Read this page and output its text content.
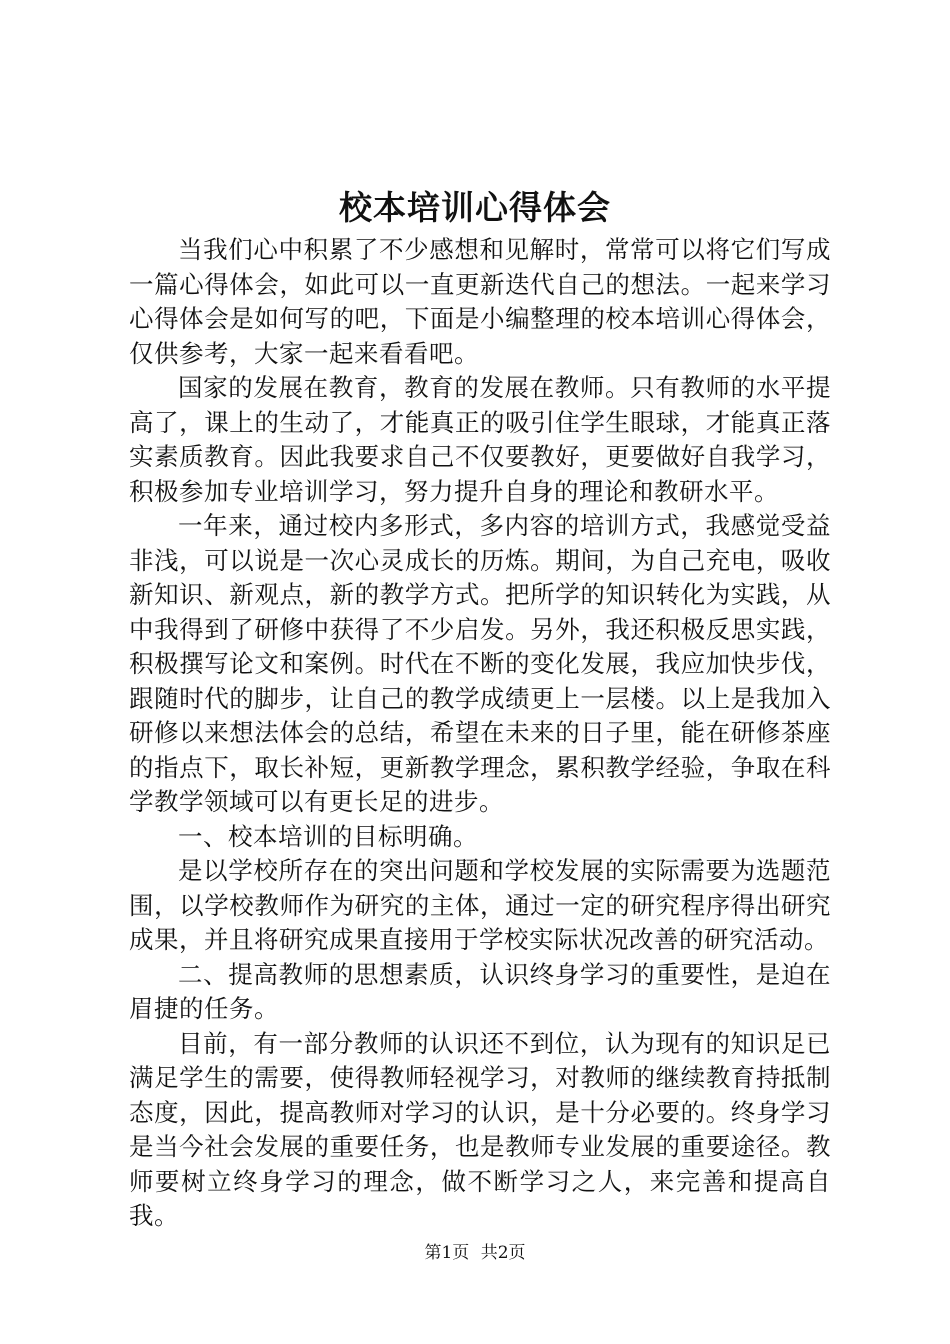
校本培训心得体会

当我们心中积累了不少感想和见解时，常常可以将它们写成一篇心得体会，如此可以一直更新迭代自己的想法。一起来学习心得体会是如何写的吧，下面是小编整理的校本培训心得体会，仅供参考，大家一起来看看吧。

国家的发展在教育，教育的发展在教师。只有教师的水平提高了，课上的生动了，才能真正的吸引住学生眼球，才能真正落实素质教育。因此我要求自己不仅要教好，更要做好自我学习，积极参加专业培训学习，努力提升自身的理论和教研水平。

一年来，通过校内多形式，多内容的培训方式，我感觉受益非浅，可以说是一次心灵成长的历炼。期间，为自己充电，吸收新知识、新观点，新的教学方式。把所学的知识转化为实践，从中我得到了研修中获得了不少启发。另外，我还积极反思实践，积极撰写论文和案例。时代在不断的变化发展，我应加快步伐，跟随时代的脚步，让自己的教学成绩更上一层楼。以上是我加入研修以来想法体会的总结，希望在未来的日子里，能在研修茶座的指点下，取长补短，更新教学理念，累积教学经验，争取在科学教学领域可以有更长足的进步。

一、校本培训的目标明确。

是以学校所存在的突出问题和学校发展的实际需要为选题范围，以学校教师作为研究的主体，通过一定的研究程序得出研究成果，并且将研究成果直接用于学校实际状况改善的研究活动。

二、提高教师的思想素质，认识终身学习的重要性，是迫在眉捷的任务。

目前，有一部分教师的认识还不到位，认为现有的知识足已满足学生的需要，使得教师轻视学习，对教师的继续教育持抵制态度，因此，提高教师对学习的认识，是十分必要的。终身学习是当今社会发展的重要任务，也是教师专业发展的重要途径。教师要树立终身学习的理念，做不断学习之人，来完善和提高自我。

第1页 共2页
